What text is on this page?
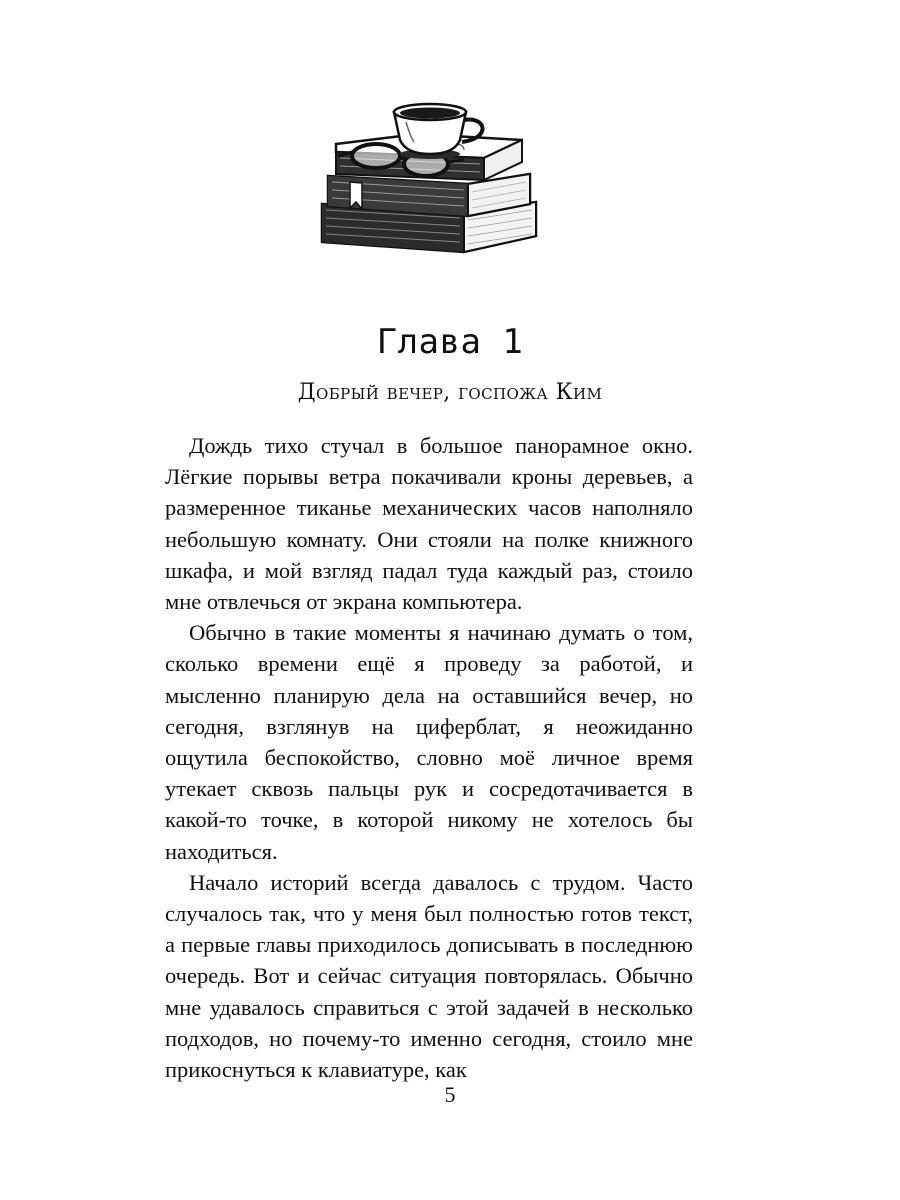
Глава 1
Добрый вечер, госпожа Ким

Дождь тихо стучал в большое панорамное окно. Лёгкие порывы ветра покачивали кроны деревьев, а размеренное тиканье механических часов наполняло небольшую комнату. Они стояли на полке книжного шкафа, и мой взгляд падал туда каждый раз, стоило мне отвлечься от экрана компьютера.

Обычно в такие моменты я начинаю думать о том, сколько времени ещё я проведу за работой, и мысленно планирую дела на оставшийся вечер, но сегодня, взглянув на циферблат, я неожиданно ощутила беспокойство, словно моё личное время утекает сквозь пальцы рук и сосредотачивается в какой-то точке, в которой никому не хотелось бы находиться.

Начало историй всегда давалось с трудом. Часто случалось так, что у меня был полностью готов текст, а первые главы приходилось дописывать в последнюю очередь. Вот и сейчас ситуация повторялась. Обычно мне удавалось справиться с этой задачей в несколько подходов, но почему-то именно сегодня, стоило мне прикоснуться к клавиатуре, как

5
